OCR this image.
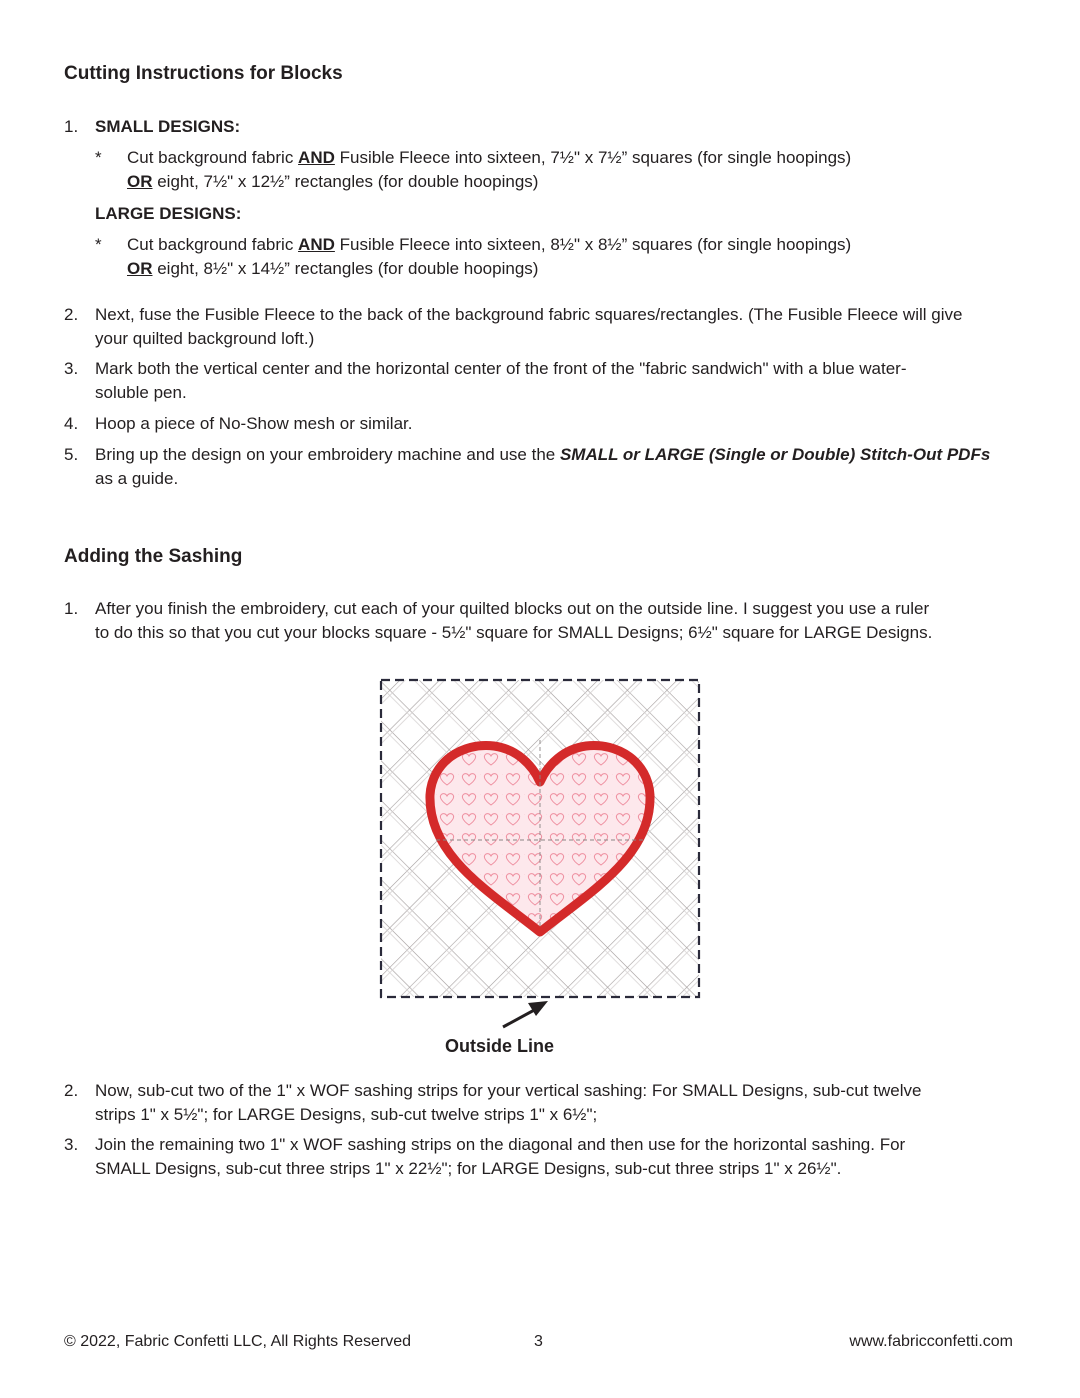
Cutting Instructions for Blocks
1. SMALL DESIGNS:
* Cut background fabric AND Fusible Fleece into sixteen, 7½" x 7½” squares (for single hoopings)
OR eight, 7½" x 12½” rectangles (for double hoopings)
LARGE DESIGNS:
* Cut background fabric AND Fusible Fleece into sixteen, 8½" x 8½” squares (for single hoopings)
OR eight, 8½" x 14½” rectangles (for double hoopings)
2. Next, fuse the Fusible Fleece to the back of the background fabric squares/rectangles. (The Fusible Fleece will give
your quilted background loft.)
3. Mark both the vertical center and the horizontal center of the front of the "fabric sandwich" with a blue water-
soluble pen.
4. Hoop a piece of No-Show mesh or similar.
5. Bring up the design on your embroidery machine and use the SMALL or LARGE (Single or Double) Stitch-Out PDFs
as a guide.
Adding the Sashing
1. After you finish the embroidery, cut each of your quilted blocks out on the outside line. I suggest you use a ruler
to do this so that you cut your blocks square - 5½" square for SMALL Designs; 6½" square for LARGE Designs.
Outside Line
2. Now, sub-cut two of the 1" x WOF sashing strips for your vertical sashing: For SMALL Designs, sub-cut twelve
strips 1" x 5½"; for LARGE Designs, sub-cut twelve strips 1" x 6½";
3. Join the remaining two 1" x WOF sashing strips on the diagonal and then use for the horizontal sashing. For
SMALL Designs, sub-cut three strips 1" x 22½"; for LARGE Designs, sub-cut three strips 1" x 26½".
© 2022, Fabric Confetti LLC, All Rights Reserved	3	www.fabricconfetti.com
